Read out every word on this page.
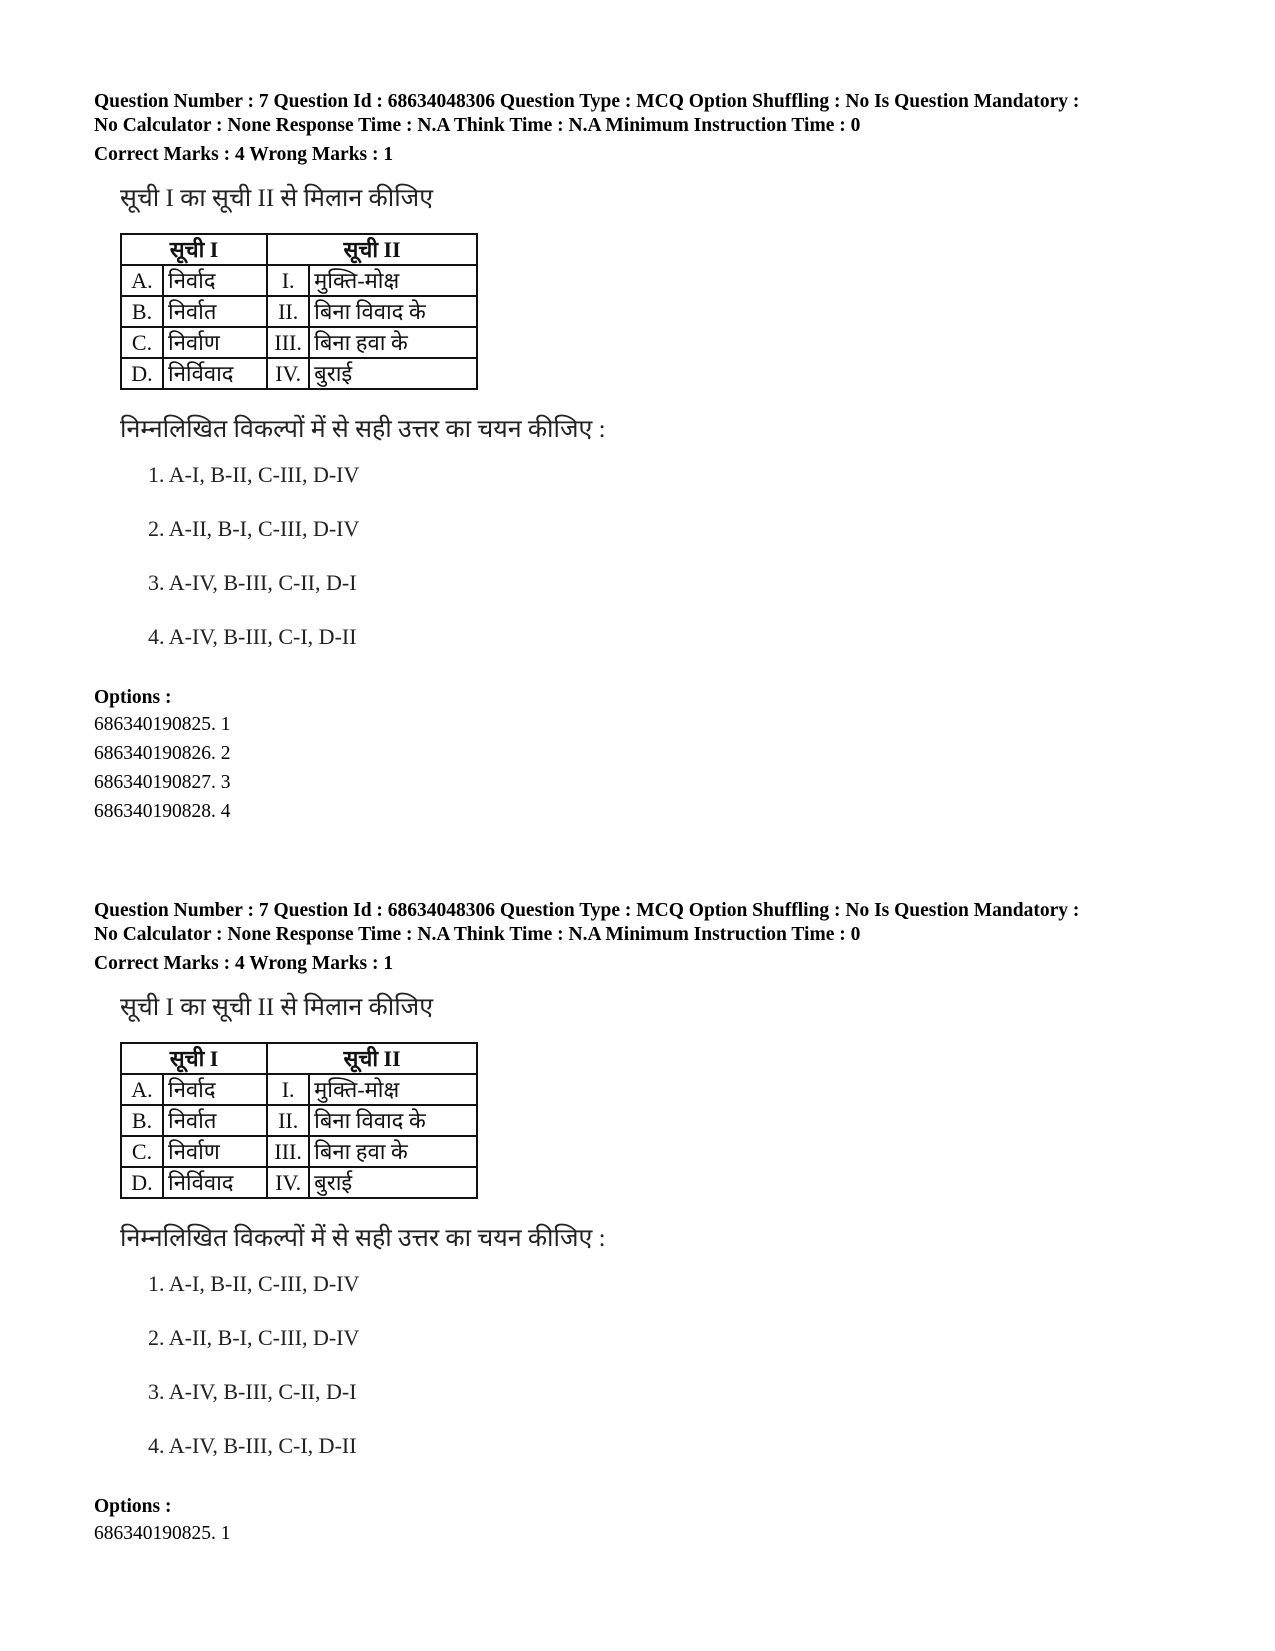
Question Number : 7 Question Id : 68634048306 Question Type : MCQ Option Shuffling : No Is Question Mandatory :

No Calculator : None Response Time : N.A Think Time : N.A Minimum Instruction Time : 0

Correct Marks : 4 Wrong Marks : 1
सूची I का सूची II से मिलान कीजिए
सूची I		सूची II	
A.	निर्वाद	I.	मुक्ति-मोक्ष
B.	निर्वात	II.	बिना विवाद के
C.	निर्वाण	III.	बिना हवा के
D.	निर्विवाद	IV.	बुराई
निम्नलिखित विकल्पों में से सही उत्तर का चयन कीजिए :
1. A-I, B-II, C-III, D-IV
2. A-II, B-I, C-III, D-IV
3. A-IV, B-III, C-II, D-I
4. A-IV, B-III, C-I, D-II
Options :
686340190825. 1
686340190826. 2
686340190827. 3
686340190828. 4

Question Number : 7 Question Id : 68634048306 Question Type : MCQ Option Shuffling : No Is Question Mandatory :

No Calculator : None Response Time : N.A Think Time : N.A Minimum Instruction Time : 0

Correct Marks : 4 Wrong Marks : 1
सूची I का सूची II से मिलान कीजिए
सूची I		सूची II	
A.	निर्वाद	I.	मुक्ति-मोक्ष
B.	निर्वात	II.	बिना विवाद के
C.	निर्वाण	III.	बिना हवा के
D.	निर्विवाद	IV.	बुराई
निम्नलिखित विकल्पों में से सही उत्तर का चयन कीजिए :
1. A-I, B-II, C-III, D-IV
2. A-II, B-I, C-III, D-IV
3. A-IV, B-III, C-II, D-I
4. A-IV, B-III, C-I, D-II
Options :
686340190825. 1
